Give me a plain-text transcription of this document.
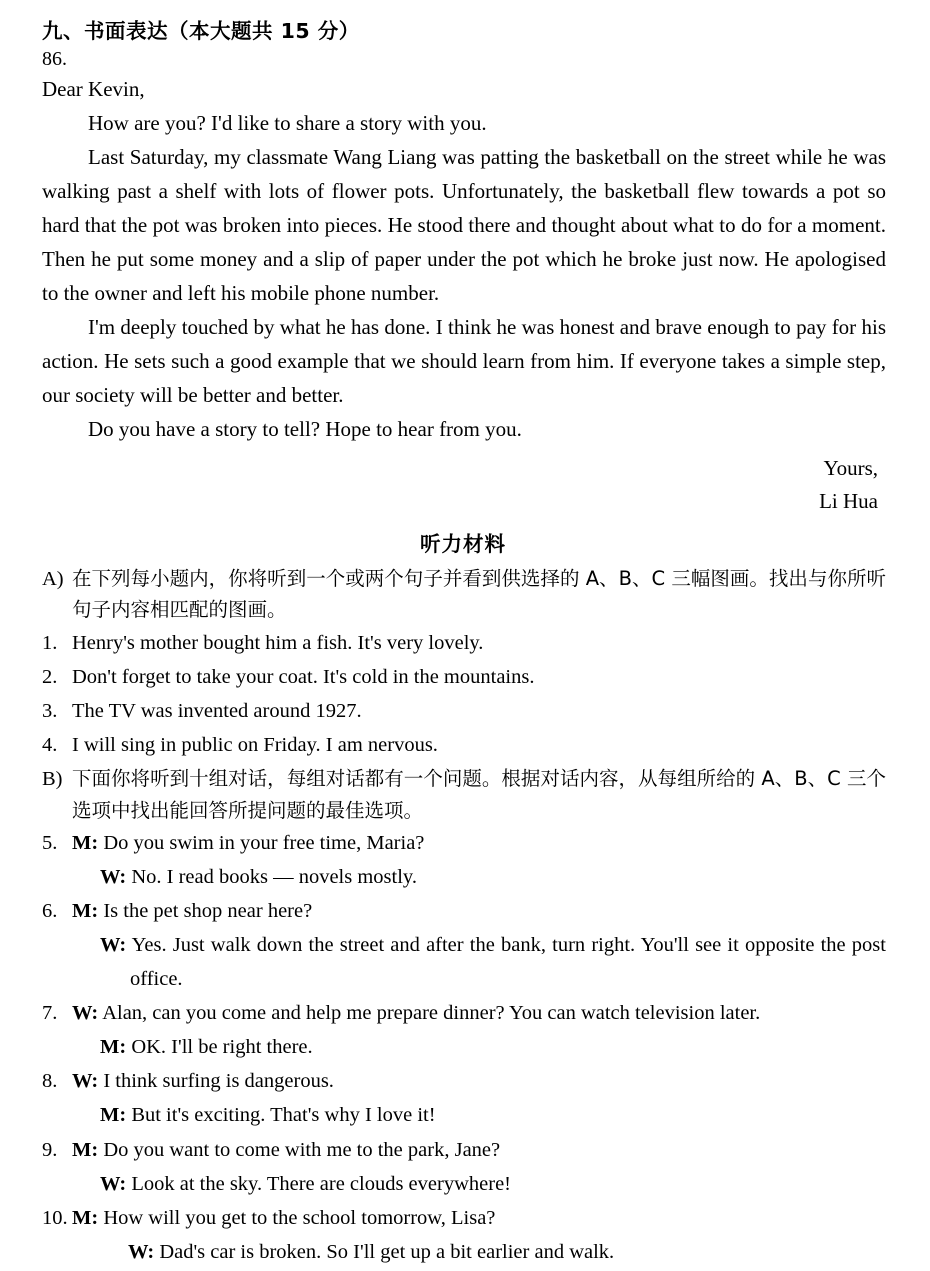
九、书面表达（本大题共 15 分）
86.
Dear Kevin,
How are you? I'd like to share a story with you.
Last Saturday, my classmate Wang Liang was patting the basketball on the street while he was walking past a shelf with lots of flower pots. Unfortunately, the basketball flew towards a pot so hard that the pot was broken into pieces. He stood there and thought about what to do for a moment. Then he put some money and a slip of paper under the pot which he broke just now. He apologised to the owner and left his mobile phone number.
I'm deeply touched by what he has done. I think he was honest and brave enough to pay for his action. He sets such a good example that we should learn from him. If everyone takes a simple step, our society will be better and better.
Do you have a story to tell? Hope to hear from you.
Yours,
Li Hua
听力材料
A) 在下列每小题内，你将听到一个或两个句子并看到供选择的 A、B、C 三幅图画。找出与你所听句子内容相匹配的图画。
1. Henry's mother bought him a fish. It's very lovely.
2. Don't forget to take your coat. It's cold in the mountains.
3. The TV was invented around 1927.
4. I will sing in public on Friday. I am nervous.
B) 下面你将听到十组对话，每组对话都有一个问题。根据对话内容，从每组所给的 A、B、C 三个选项中找出能回答所提问题的最佳选项。
5. M: Do you swim in your free time, Maria?
W: No. I read books — novels mostly.
6. M: Is the pet shop near here?
W: Yes. Just walk down the street and after the bank, turn right. You'll see it opposite the post office.
7. W: Alan, can you come and help me prepare dinner? You can watch television later.
M: OK. I'll be right there.
8. W: I think surfing is dangerous.
M: But it's exciting. That's why I love it!
9. M: Do you want to come with me to the park, Jane?
W: Look at the sky. There are clouds everywhere!
10. M: How will you get to the school tomorrow, Lisa?
W: Dad's car is broken. So I'll get up a bit earlier and walk.
